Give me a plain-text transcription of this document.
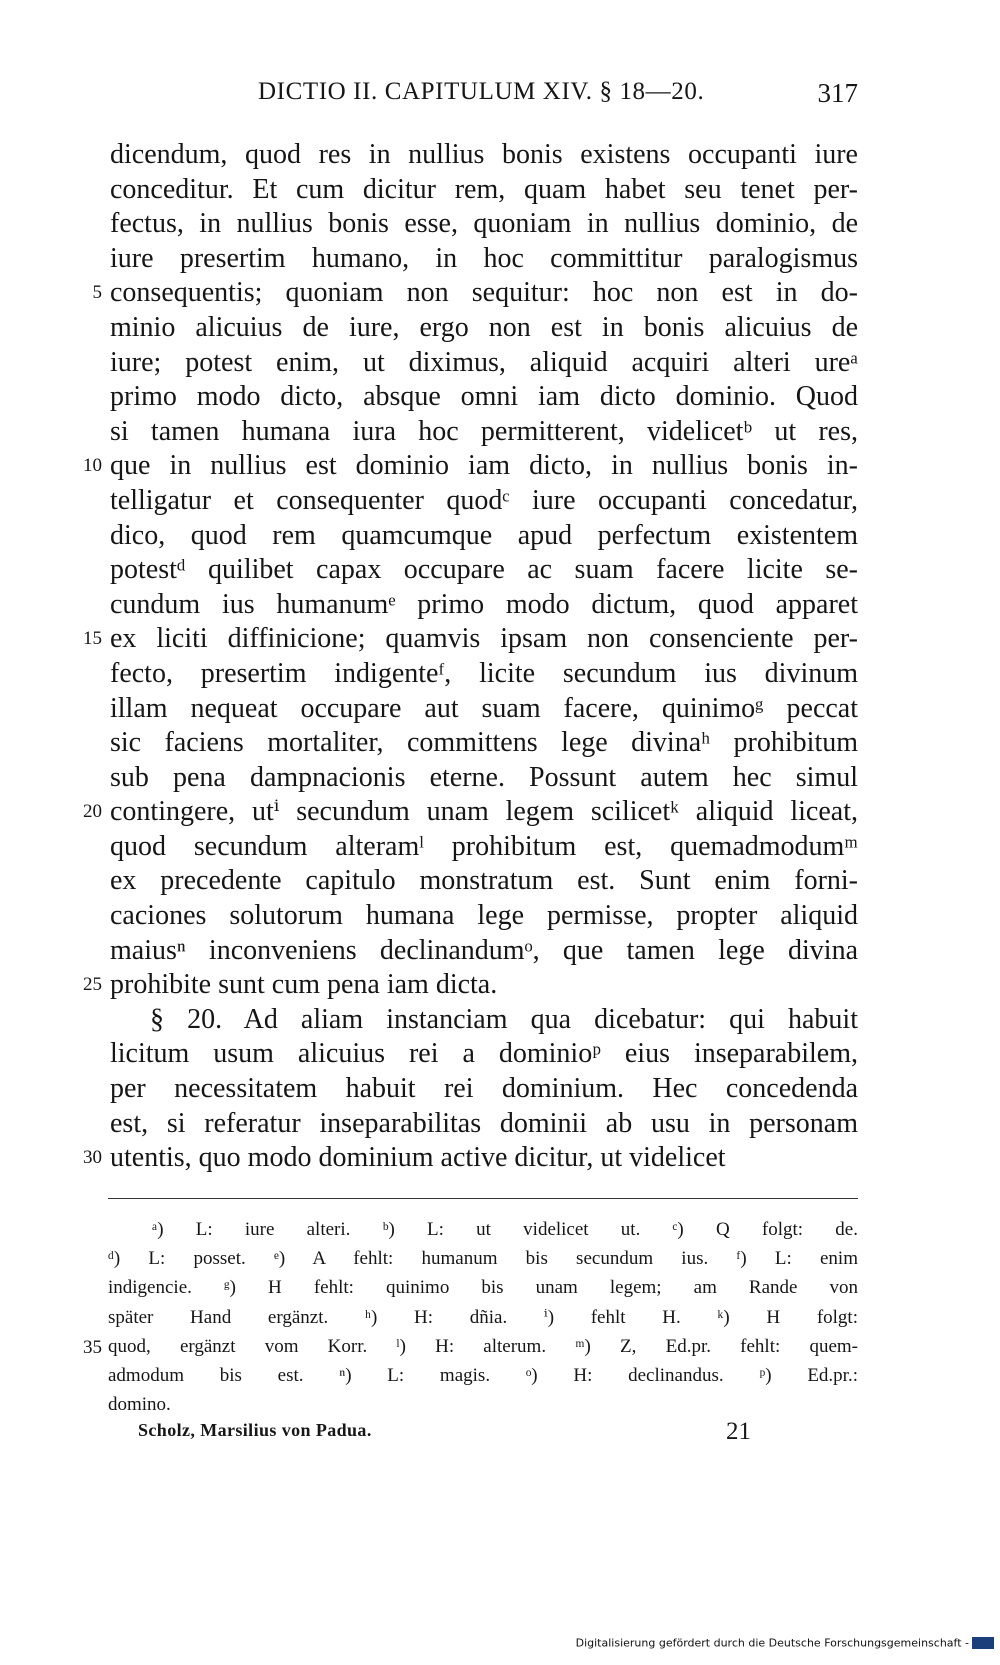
DICTIO II. CAPITULUM XIV. § 18—20.	317
dicendum, quod res in nullius bonis existens occupanti iure
conceditur. Et cum dicitur rem, quam habet seu tenet per-
fectus, in nullius bonis esse, quoniam in nullius dominio, de
iure presertim humano, in hoc committitur paralogismus
5 consequentis; quoniam non sequitur: hoc non est in do-
minio alicuius de iure, ergo non est in bonis alicuius de
iure; potest enim, ut diximus, aliquid acquiri alteri ureᵃ
primo modo dicto, absque omni iam dicto dominio. Quod
si tamen humana iura hoc permitterent, videlicetᵇ ut res,
10 que in nullius est dominio iam dicto, in nullius bonis in-
telligatur et consequenter quodᶜ iure occupanti concedatur,
dico, quod rem quamcumque apud perfectum existentem
potestᵈ quilibet capax occupare ac suam facere licite se-
cundum ius humanumᵉ primo modo dictum, quod apparet
15 ex liciti diffinicione; quamvis ipsam non consenciente per-
fecto, presertim indigenteᶠ, licite secundum ius divinum
illam nequeat occupare aut suam facere, quinimoᵍ peccat
sic faciens mortaliter, committens lege divinaʰ prohibitum
sub pena dampnacionis eterne. Possunt autem hec simul
20 contingere, utⁱ secundum unam legem scilicetᵏ aliquid liceat,
quod secundum alteramˡ prohibitum est, quemadmodumᵐ
ex precedente capitulo monstratum est. Sunt enim forni-
caciones solutorum humana lege permisse, propter aliquid
maiusⁿ inconveniens declinandumᵒ, que tamen lege divina
25 prohibite sunt cum pena iam dicta.
§ 20. Ad aliam instanciam qua dicebatur: qui habuit
licitum usum alicuius rei a dominioᵖ eius inseparabilem,
per necessitatem habuit rei dominium. Hec concedenda
est, si referatur inseparabilitas dominii ab usu in personam
30 utentis, quo modo dominium active dicitur, ut videlicet
ᵃ) L: iure alteri. ᵇ) L: ut videlicet ut. ᶜ) Q folgt: de.
ᵈ) L: posset. ᵉ) A fehlt: humanum bis secundum ius. ᶠ) L: enim
indigencie. ᵍ) H fehlt: quinimo bis unam legem; am Rande von
später Hand ergänzt. ʰ) H: dñia. ⁱ) fehlt H. ᵏ) H folgt:
35 quod, ergänzt vom Korr. ˡ) H: alterum. ᵐ) Z, Ed.pr. fehlt: quem-
admodum bis est. ⁿ) L: magis. ᵒ) H: declinandus. ᵖ) Ed.pr.:
domino.
Scholz, Marsilius von Padua.	21
Digitalisierung gefördert durch die Deutsche Forschungsgemeinschaft -
